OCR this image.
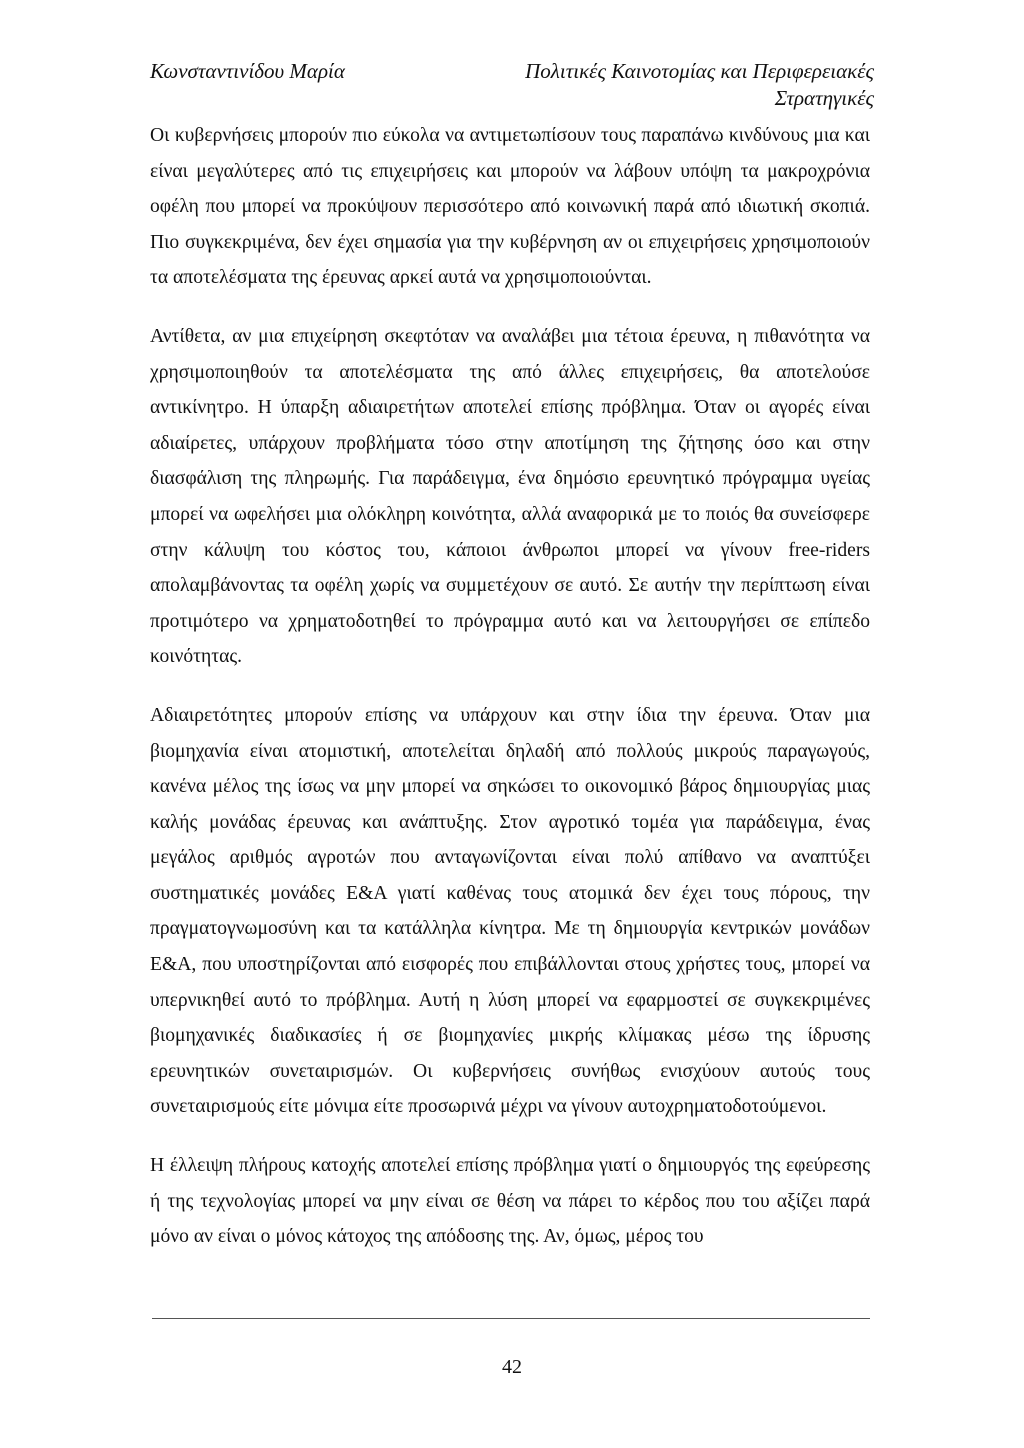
Κωνσταντινίδου Μαρία	Πολιτικές Καινοτομίας και Περιφερειακές Στρατηγικές

Οι κυβερνήσεις μπορούν πιο εύκολα να αντιμετωπίσουν τους παραπάνω κινδύνους μια και είναι μεγαλύτερες από τις επιχειρήσεις και μπορούν να λάβουν υπόψη τα μακροχρόνια οφέλη που μπορεί να προκύψουν περισσότερο από κοινωνική παρά από ιδιωτική σκοπιά. Πιο συγκεκριμένα, δεν έχει σημασία για την κυβέρνηση αν οι επιχειρήσεις χρησιμοποιούν τα αποτελέσματα της έρευνας αρκεί αυτά να χρησιμοποιούνται.

Αντίθετα, αν μια επιχείρηση σκεφτόταν να αναλάβει μια τέτοια έρευνα, η πιθανότητα να χρησιμοποιηθούν τα αποτελέσματα της από άλλες επιχειρήσεις, θα αποτελούσε αντικίνητρο. Η ύπαρξη αδιαιρετήτων αποτελεί επίσης πρόβλημα. Όταν οι αγορές είναι αδιαίρετες, υπάρχουν προβλήματα τόσο στην αποτίμηση της ζήτησης όσο και στην διασφάλιση της πληρωμής. Για παράδειγμα, ένα δημόσιο ερευνητικό πρόγραμμα υγείας μπορεί να ωφελήσει μια ολόκληρη κοινότητα, αλλά αναφορικά με το ποιός θα συνείσφερε στην κάλυψη του κόστος του, κάποιοι άνθρωποι μπορεί να γίνουν free-riders απολαμβάνοντας τα οφέλη χωρίς να συμμετέχουν σε αυτό. Σε αυτήν την περίπτωση είναι προτιμότερο να χρηματοδοτηθεί το πρόγραμμα αυτό και να λειτουργήσει σε επίπεδο κοινότητας.

Αδιαιρετότητες μπορούν επίσης να υπάρχουν και στην ίδια την έρευνα. Όταν μια βιομηχανία είναι ατομιστική, αποτελείται δηλαδή από πολλούς μικρούς παραγωγούς, κανένα μέλος της ίσως να μην μπορεί να σηκώσει το οικονομικό βάρος δημιουργίας μιας καλής μονάδας έρευνας και ανάπτυξης. Στον αγροτικό τομέα για παράδειγμα, ένας μεγάλος αριθμός αγροτών που ανταγωνίζονται είναι πολύ απίθανο να αναπτύξει συστηματικές μονάδες Ε&Α γιατί καθένας τους ατομικά δεν έχει τους πόρους, την πραγματογνωμοσύνη και τα κατάλληλα κίνητρα. Με τη δημιουργία κεντρικών μονάδων Ε&Α, που υποστηρίζονται από εισφορές που επιβάλλονται στους χρήστες τους, μπορεί να υπερνικηθεί αυτό το πρόβλημα. Αυτή η λύση μπορεί να εφαρμοστεί σε συγκεκριμένες βιομηχανικές διαδικασίες ή σε βιομηχανίες μικρής κλίμακας μέσω της ίδρυσης ερευνητικών συνεταιρισμών. Οι κυβερνήσεις συνήθως ενισχύουν αυτούς τους συνεταιρισμούς είτε μόνιμα είτε προσωρινά μέχρι να γίνουν αυτοχρηματοδοτούμενοι.

Η έλλειψη πλήρους κατοχής αποτελεί επίσης πρόβλημα γιατί ο δημιουργός της εφεύρεσης ή της τεχνολογίας μπορεί να μην είναι σε θέση να πάρει το κέρδος που του αξίζει παρά μόνο αν είναι ο μόνος κάτοχος της απόδοσης της. Αν, όμως, μέρος του

42
